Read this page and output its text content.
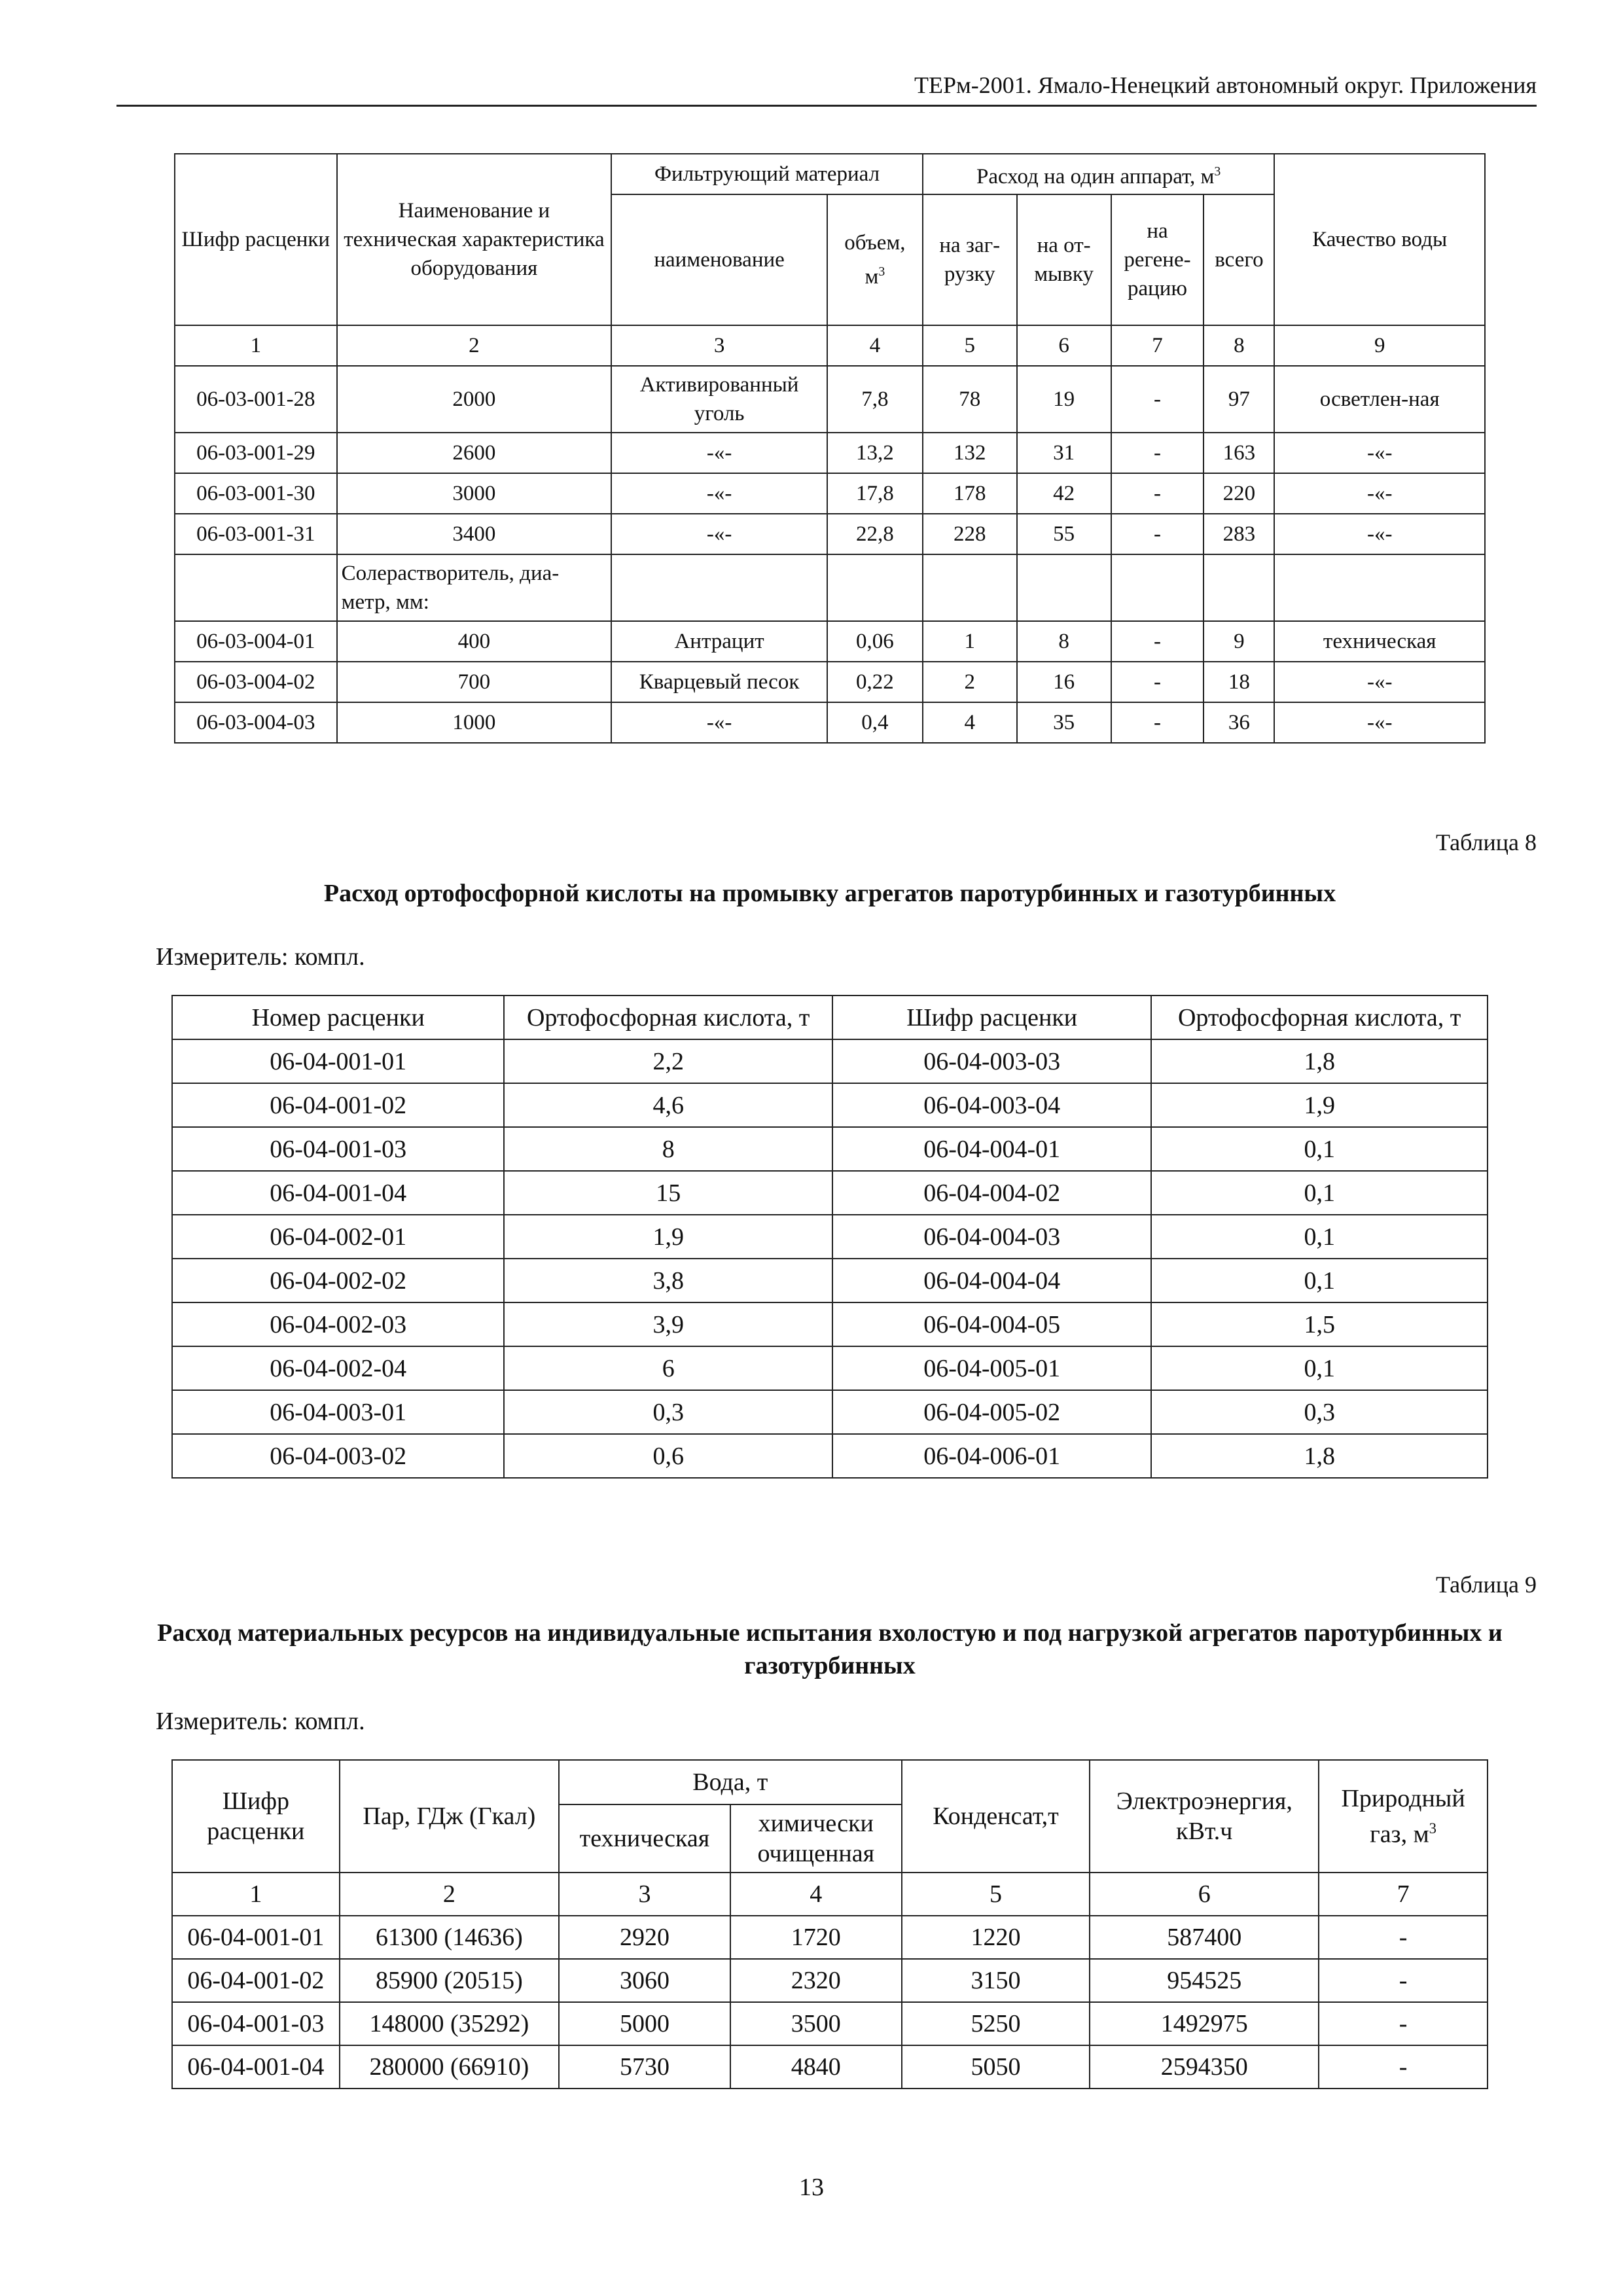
ТЕРм-2001. Ямало-Ненецкий автономный округ. Приложения
Шифр расценки	Наименование и техническая характеристика оборудования	Фильтрующий материал		Расход на один аппарат, $м^3$				Качество воды
		наименование	объем, $м^3$	на заг-рузку	на от-мывку	на регене-рацию	всего	
1	2	3	4	5	6	7	8	9
06-03-001-28	2000	Активированный уголь	7,8	78	19	-	97	осветлен-ная
06-03-001-29	2600	-«-	13,2	132	31	-	163	-«-
06-03-001-30	3000	-«-	17,8	178	42	-	220	-«-
06-03-001-31	3400	-«-	22,8	228	55	-	283	-«-
	Солерастворитель, диа-метр, мм:							
06-03-004-01	400	Антрацит	0,06	1	8	-	9	техническая
06-03-004-02	700	Кварцевый песок	0,22	2	16	-	18	-«-
06-03-004-03	1000	-«-	0,4	4	35	-	36	-«-
Таблица 8
Расход ортофосфорной кислоты на промывку агрегатов паротурбинных и газотурбинных
Измеритель: компл.
Номер расценки	Ортофосфорная кислота, т	Шифр расценки	Ортофосфорная кислота, т
06-04-001-01	2,2	06-04-003-03	1,8
06-04-001-02	4,6	06-04-003-04	1,9
06-04-001-03	8	06-04-004-01	0,1
06-04-001-04	15	06-04-004-02	0,1
06-04-002-01	1,9	06-04-004-03	0,1
06-04-002-02	3,8	06-04-004-04	0,1
06-04-002-03	3,9	06-04-004-05	1,5
06-04-002-04	6	06-04-005-01	0,1
06-04-003-01	0,3	06-04-005-02	0,3
06-04-003-02	0,6	06-04-006-01	1,8
Таблица 9
Расход материальных ресурсов на индивидуальные испытания вхолостую и под нагрузкой агрегатов паротурбинных и газотурбинных
Измеритель: компл.
Шифр расценки	Пар, ГДж (Гкал)	Вода, т		Конденсат,т	Электроэнергия, кВт.ч	Природный газ, $м^3$
		техническая	химически очищенная			
1	2	3	4	5	6	7
06-04-001-01	61300 (14636)	2920	1720	1220	587400	-
06-04-001-02	85900 (20515)	3060	2320	3150	954525	-
06-04-001-03	148000 (35292)	5000	3500	5250	1492975	-
06-04-001-04	280000 (66910)	5730	4840	5050	2594350	-
13
